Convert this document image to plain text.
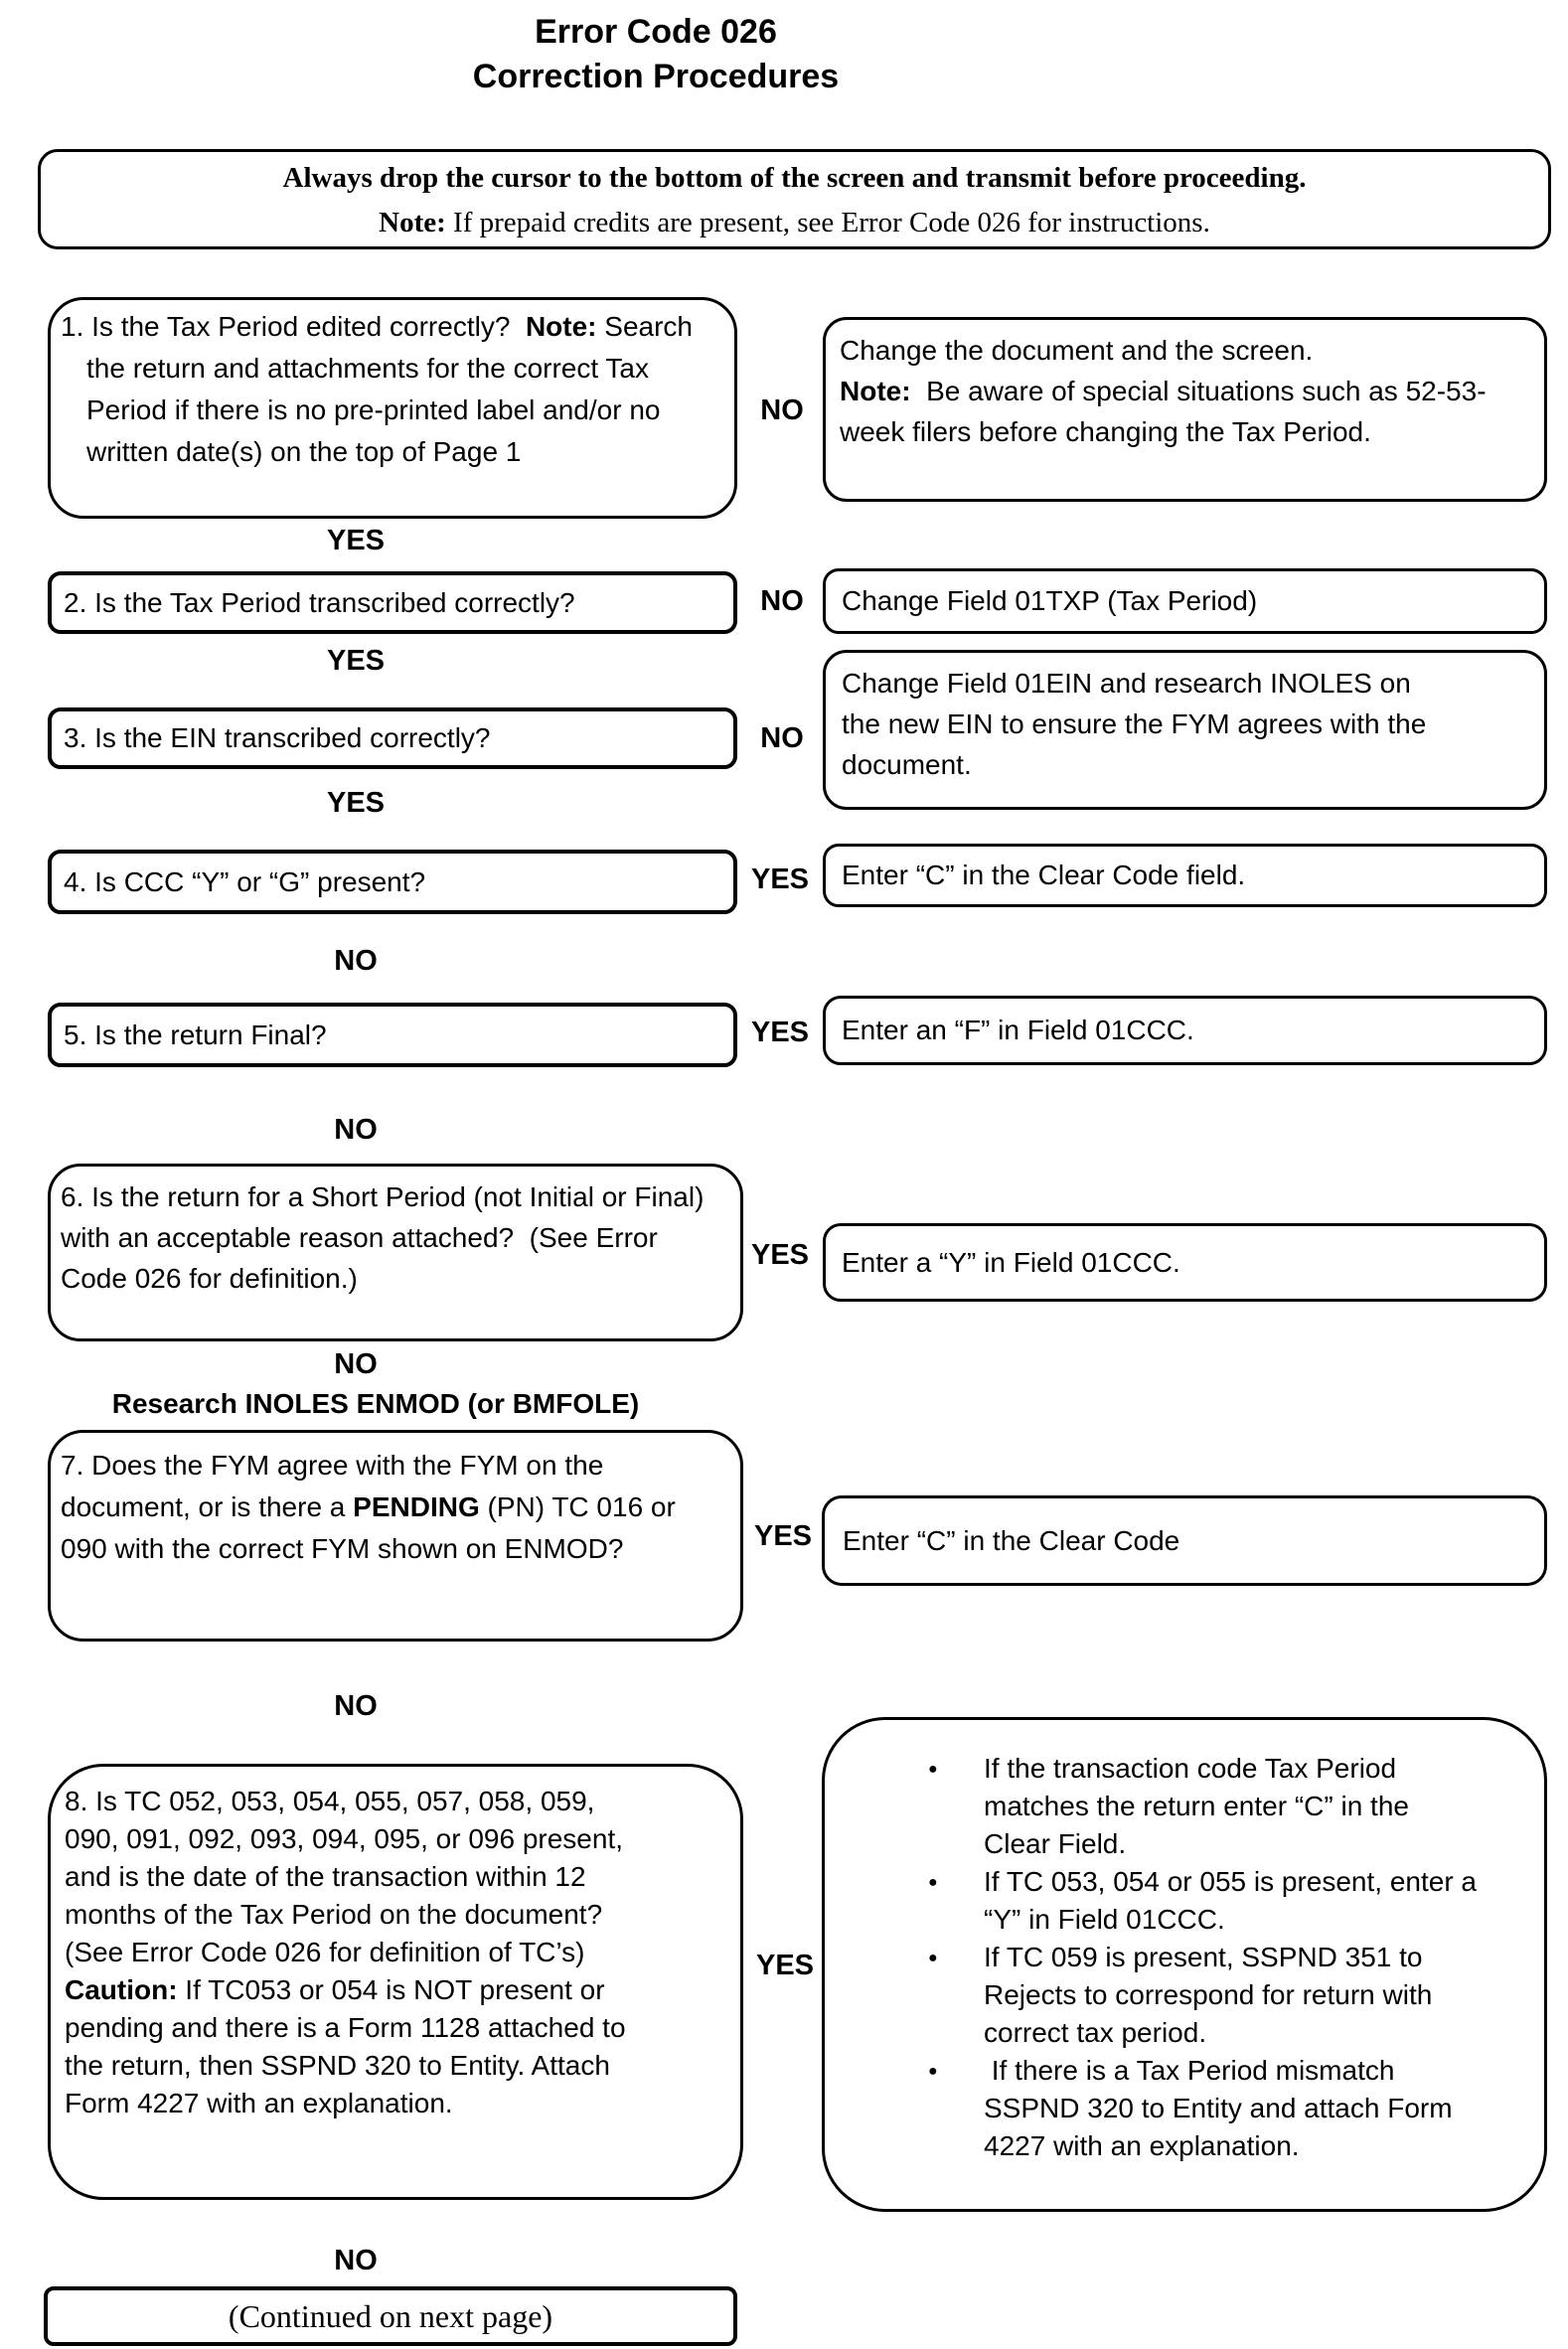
Error Code 026
Correction Procedures
Always drop the cursor to the bottom of the screen and transmit before proceeding.
Note: If prepaid credits are present, see Error Code 026 for instructions.

1. Is the Tax Period edited correctly?  Note: Search the return and attachments for the correct Tax Period if there is no pre-printed label and/or no written date(s) on the top of Page 1

NO

Change the document and the screen.
Note:  Be aware of special situations such as 52-53-week filers before changing the Tax Period.

YES
2. Is the Tax Period transcribed correctly?	NO	Change Field 01TXP (Tax Period)
YES

Change Field 01EIN and research INOLES on the new EIN to ensure the FYM agrees with the document.

3. Is the EIN transcribed correctly?	NO
YES
4. Is CCC “Y” or “G” present?	YES	Enter “C” in the Clear Code field.
NO
5. Is the return Final?	YES	Enter an “F” in Field 01CCC.
NO

6. Is the return for a Short Period (not Initial or Final) with an acceptable reason attached?  (See Error Code 026 for definition.)

YES	Enter a “Y” in Field 01CCC.
NO
Research INOLES ENMOD (or BMFOLE)

7. Does the FYM agree with the FYM on the document, or is there a PENDING (PN) TC 016 or 090 with the correct FYM shown on ENMOD?	YES	Enter “C” in the Clear Code
NO

8. Is TC 052, 053, 054, 055, 057, 058, 059, 090, 091, 092, 093, 094, 095, or 096 present, and is the date of the transaction within 12 months of the Tax Period on the document?  (See Error Code 026 for definition of TC’s)
Caution: If TC053 or 054 is NOT present or pending and there is a Form 1128 attached to the return, then SSPND 320 to Entity. Attach Form 4227 with an explanation.

YES
● If the transaction code Tax Period matches the return enter “C” in the Clear Field.
● If TC 053, 054 or 055 is present, enter a “Y” in Field 01CCC.
● If TC 059 is present, SSPND 351 to Rejects to correspond for return with correct tax period.
●  If there is a Tax Period mismatch SSPND 320 to Entity and attach Form 4227 with an explanation.
NO
(Continued on next page)
